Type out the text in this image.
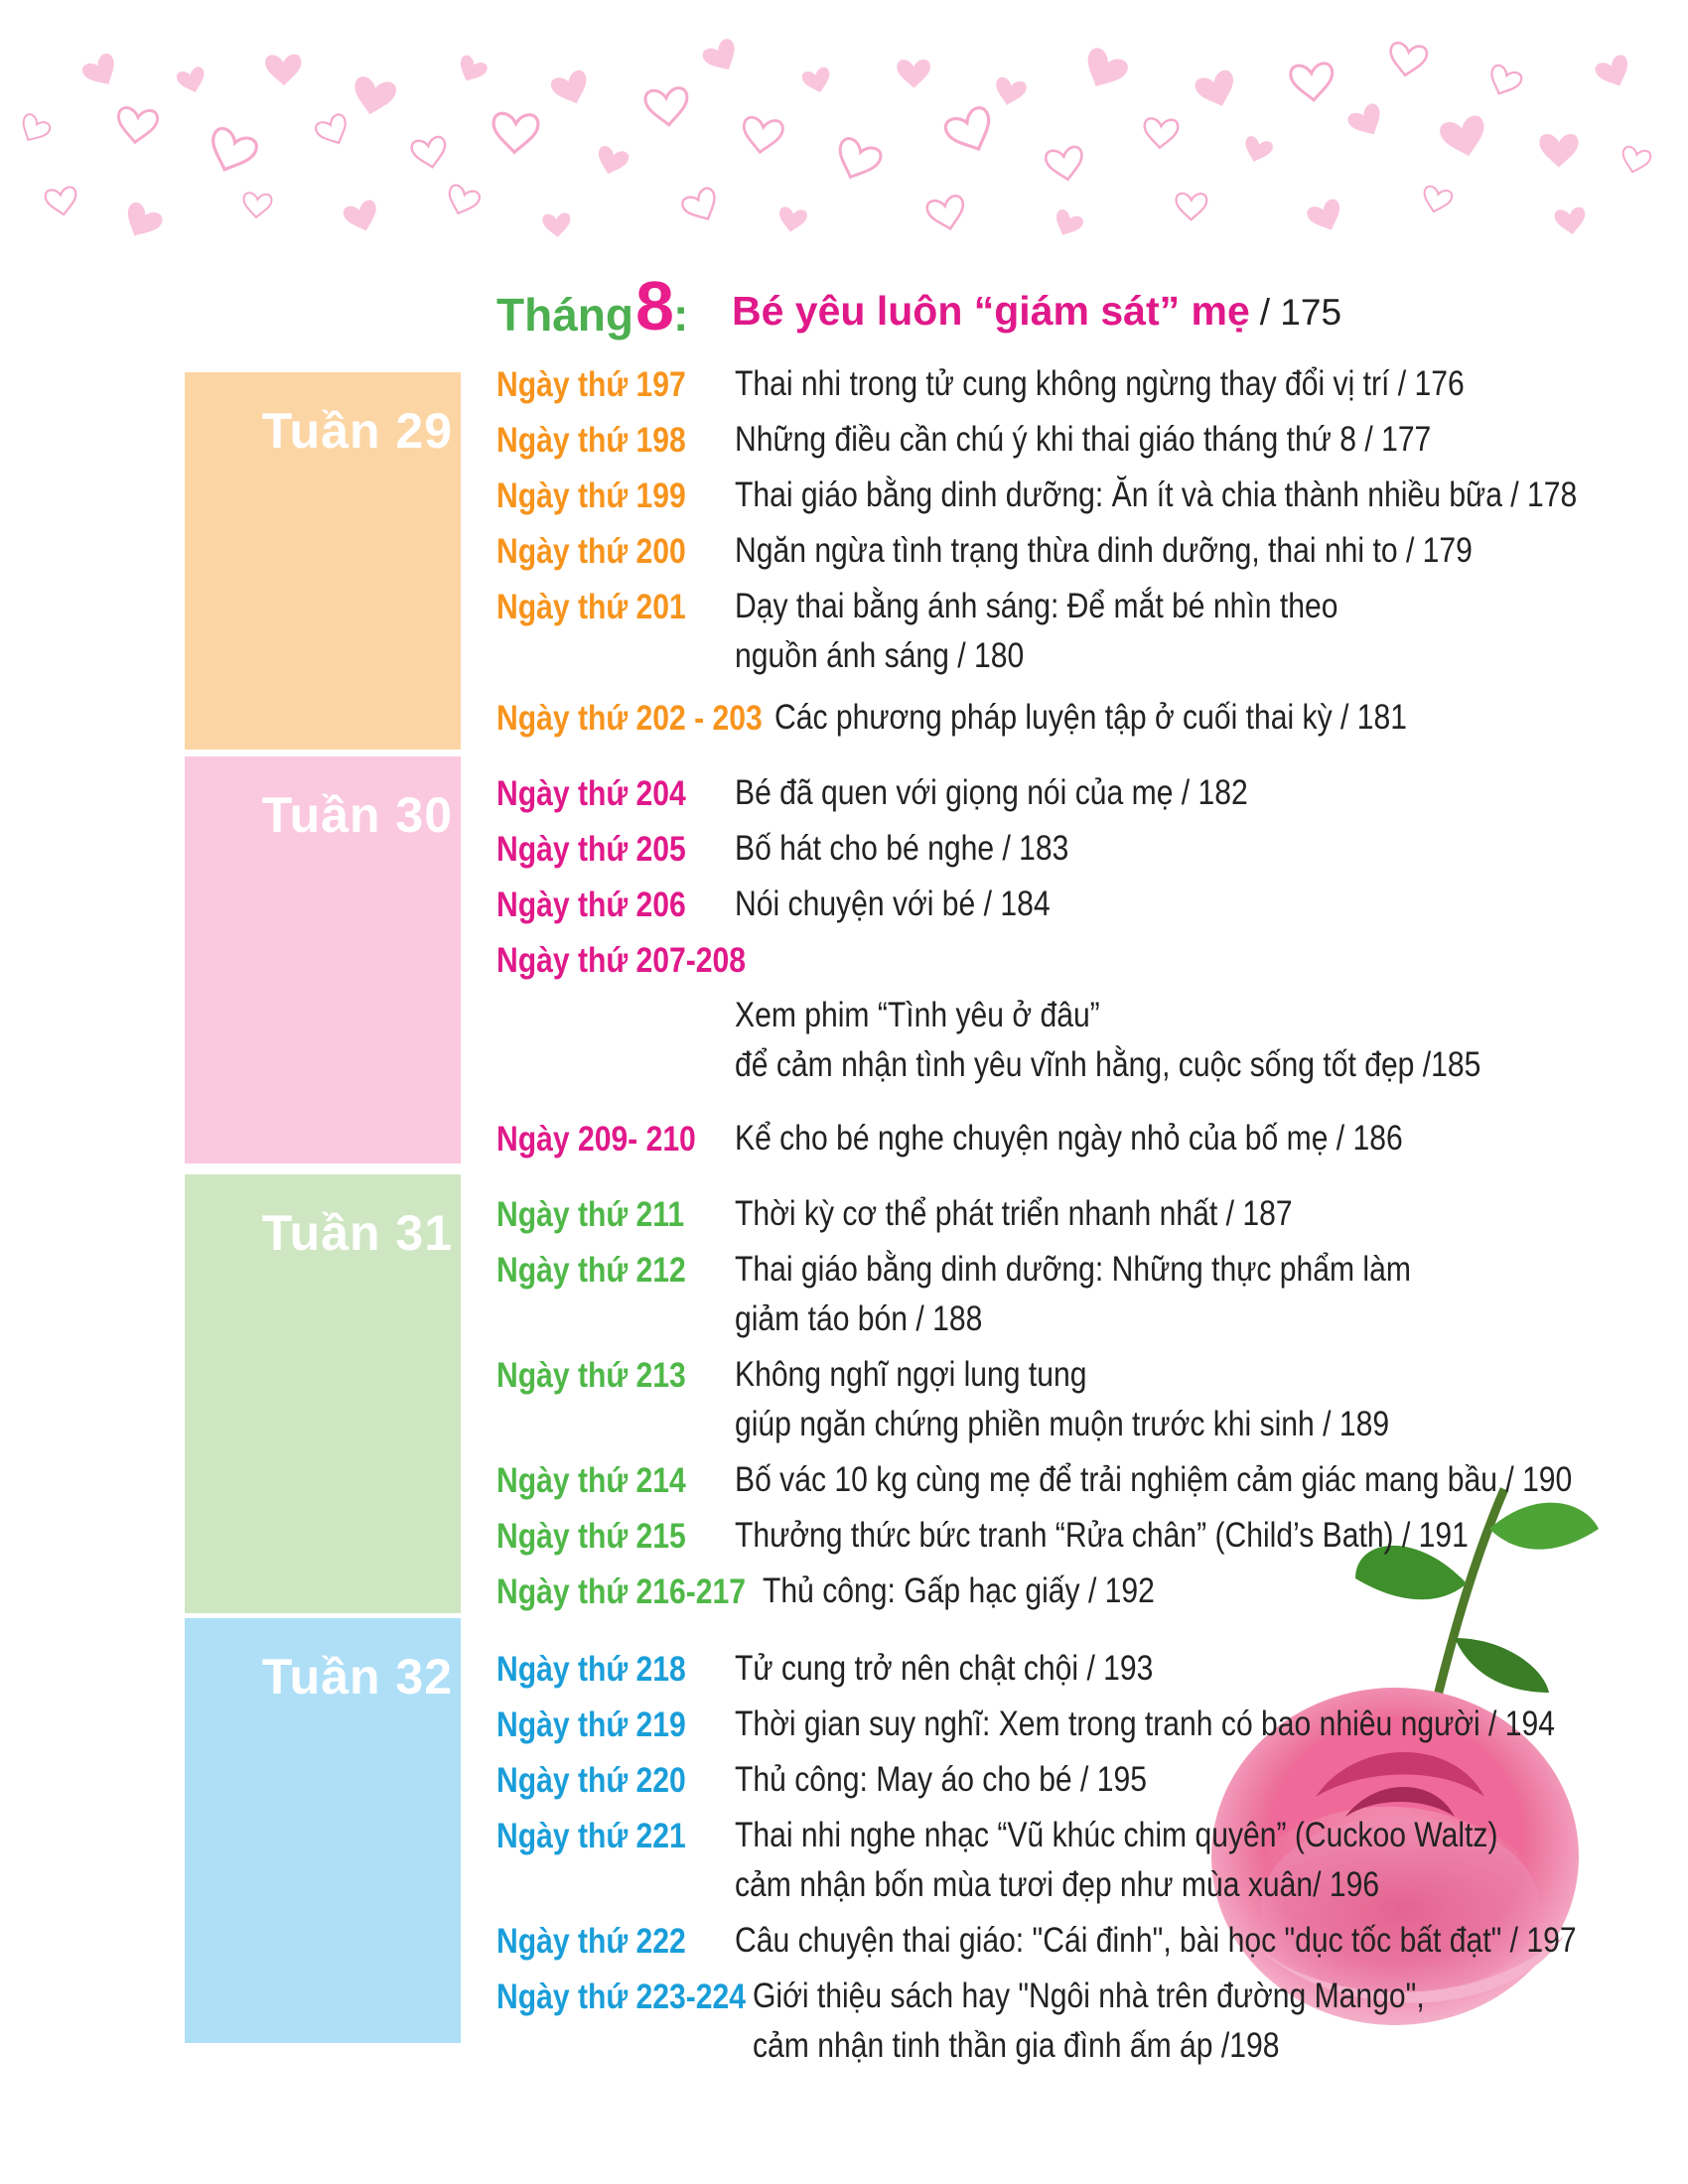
Tháng 8 : Bé yêu luôn “giám sát” mẹ / 175
Tuần 29
Tuần 30
Tuần 31
Tuần 32
Ngày thứ 197 Thai nhi trong tử cung không ngừng thay đổi vị trí / 176
Ngày thứ 198 Những điều cần chú ý khi thai giáo tháng thứ 8 / 177
Ngày thứ 199 Thai giáo bằng dinh dưỡng: Ăn ít và chia thành nhiều bữa / 178
Ngày thứ 200 Ngăn ngừa tình trạng thừa dinh dưỡng, thai nhi to / 179
Ngày thứ 201 Dạy thai bằng ánh sáng: Để mắt bé nhìn theo
nguồn ánh sáng / 180
Ngày thứ 202 - 203 Các phương pháp luyện tập ở cuối thai kỳ / 181
Ngày thứ 204 Bé đã quen với giọng nói của mẹ / 182
Ngày thứ 205 Bố hát cho bé nghe / 183
Ngày thứ 206 Nói chuyện với bé / 184
Ngày thứ 207-208
Xem phim “Tình yêu ở đâu”
để cảm nhận tình yêu vĩnh hằng, cuộc sống tốt đẹp /185
Ngày 209- 210 Kể cho bé nghe chuyện ngày nhỏ của bố mẹ / 186
Ngày thứ 211 Thời kỳ cơ thể phát triển nhanh nhất / 187
Ngày thứ 212 Thai giáo bằng dinh dưỡng: Những thực phẩm làm
giảm táo bón / 188
Ngày thứ 213 Không nghĩ ngợi lung tung
giúp ngăn chứng phiền muộn trước khi sinh / 189
Ngày thứ 214 Bố vác 10 kg cùng mẹ để trải nghiệm cảm giác mang bầu / 190
Ngày thứ 215 Thưởng thức bức tranh “Rửa chân” (Child’s Bath) / 191
Ngày thứ 216-217 Thủ công: Gấp hạc giấy / 192
Ngày thứ 218 Tử cung trở nên chật chội / 193
Ngày thứ 219 Thời gian suy nghĩ: Xem trong tranh có bao nhiêu người / 194
Ngày thứ 220 Thủ công: May áo cho bé / 195
Ngày thứ 221 Thai nhi nghe nhạc “Vũ khúc chim quyên” (Cuckoo Waltz)
cảm nhận bốn mùa tươi đẹp như mùa xuân/ 196
Ngày thứ 222 Câu chuyện thai giáo: "Cái đinh", bài học "dục tốc bất đạt" / 197
Ngày thứ 223-224 Giới thiệu sách hay "Ngôi nhà trên đường Mango",
cảm nhận tinh thần gia đình ấm áp /198
